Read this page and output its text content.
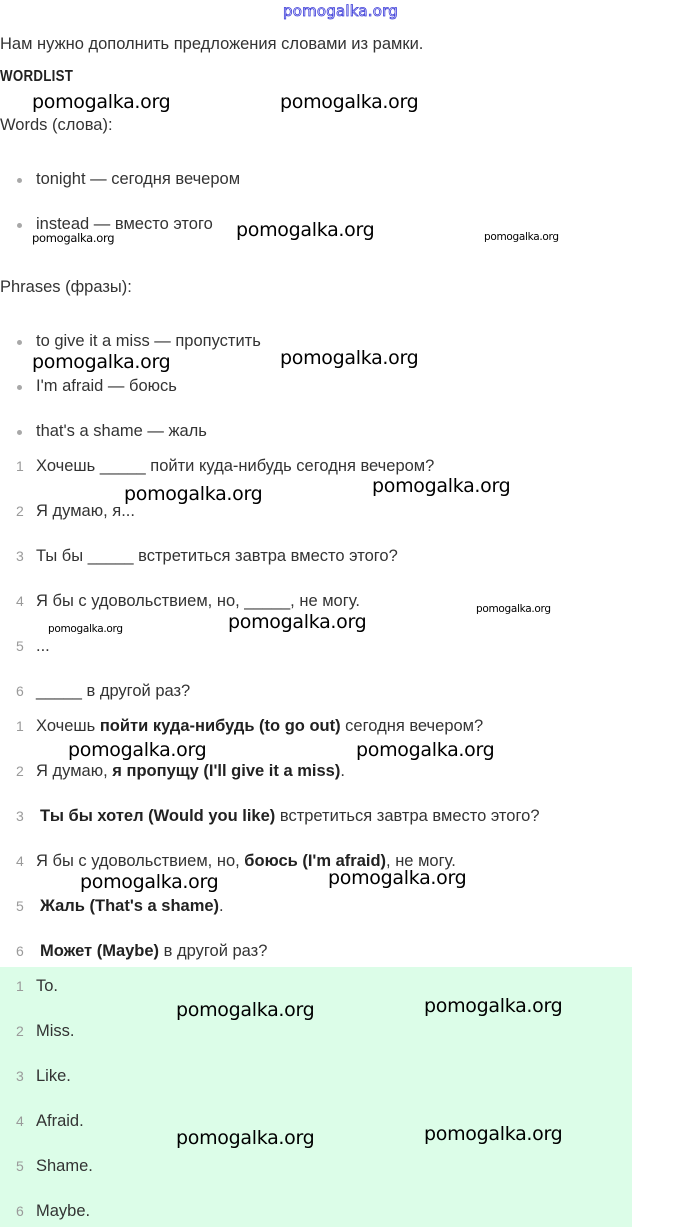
pomogalka.org
Нам нужно дополнить предложения словами из рамки.
WORDLIST
Words (слова):
tonight — сегодня вечером
instead — вместо этого
Phrases (фразы):
to give it a miss — пропустить
I'm afraid — боюсь
that's a shame — жаль
1 Хочешь _____ пойти куда-нибудь сегодня вечером?
2 Я думаю, я...
3 Ты бы _____ встретиться завтра вместо этого?
4 Я бы с удовольствием, но, _____, не могу.
5 ...
6 _____ в другой раз?
1 Хочешь пойти куда-нибудь (to go out) сегодня вечером?
2 Я думаю, я пропущу (I'll give it a miss).
3 Ты бы хотел (Would you like) встретиться завтра вместо этого?
4 Я бы с удовольствием, но, боюсь (I'm afraid), не могу.
5 Жаль (That's a shame).
6 Может (Maybe) в другой раз?
1 To.
2 Miss.
3 Like.
4 Afraid.
5 Shame.
6 Maybe.
pomogalka.org	pomogalka.org
pomogalka.org
pomogalka.org	pomogalka.org
pomogalka.org	pomogalka.org
pomogalka.org	pomogalka.org
pomogalka.org
pomogalka.org
pomogalka.org
pomogalka.org	pomogalka.org
pomogalka.org	pomogalka.org
pomogalka.org	pomogalka.org
pomogalka.org	pomogalka.org
